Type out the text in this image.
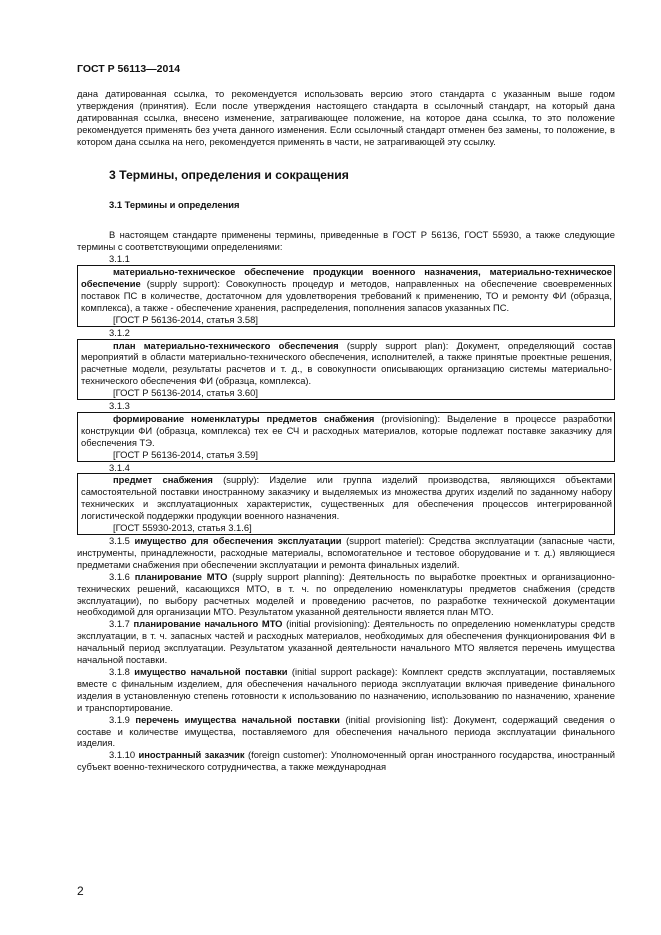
ГОСТ Р 56113—2014

дана датированная ссылка, то рекомендуется использовать версию этого стандарта с указанным выше годом утверждения (принятия). Если после утверждения настоящего стандарта в ссылочный стандарт, на который дана датированная ссылка, внесено изменение, затрагивающее положение, на которое дана ссылка, то это положение рекомендуется применять без учета данного изменения. Если ссылочный стандарт отменен без замены, то положение, в котором дана ссылка на него, рекомендуется применять в части, не затрагивающей эту ссылку.

3 Термины, определения и сокращения
3.1 Термины и определения

В настоящем стандарте применены термины, приведенные в ГОСТ Р 56136, ГОСТ 55930, а также следующие термины с соответствующими определениями:

3.1.1

материально-техническое обеспечение продукции военного назначения, материально-техническое обеспечение (supply support): Совокупность процедур и методов, направленных на обеспечение своевременных поставок ПС в количестве, достаточном для удовлетворения требований к применению, ТО и ремонту ФИ (образца, комплекса), а также - обеспечение хранения, распределения, пополнения запасов указанных ПС.

[ГОСТ Р 56136-2014, статья 3.58]
3.1.2

план материально-технического обеспечения (supply support plan): Документ, определяющий состав мероприятий в области материально-технического обеспечения, исполнителей, а также принятые проектные решения, расчетные модели, результаты расчетов и т. д., в совокупности описывающих организацию системы материально-технического обеспечения ФИ (образца, комплекса).

[ГОСТ Р 56136-2014, статья 3.60]
3.1.3

формирование номенклатуры предметов снабжения (provisioning): Выделение в процессе разработки конструкции ФИ (образца, комплекса) тех ее СЧ и расходных материалов, которые подлежат поставке заказчику для обеспечения ТЭ.

[ГОСТ Р 56136-2014, статья 3.59]
3.1.4

предмет снабжения (supply): Изделие или группа изделий производства, являющихся объектами самостоятельной поставки иностранному заказчику и выделяемых из множества других изделий по заданному набору технических и эксплуатационных характеристик, существенных для обеспечения процессов интегрированной логистической поддержки продукции военного назначения.

[ГОСТ 55930-2013, статья 3.1.6]

3.1.5 имущество для обеспечения эксплуатации (support materiel): Средства эксплуатации (запасные части, инструменты, принадлежности, расходные материалы, вспомогательное и тестовое оборудование и т. д.) являющиеся предметами снабжения при обеспечении эксплуатации и ремонта финальных изделий.

3.1.6 планирование МТО (supply support planning): Деятельность по выработке проектных и организационно-технических решений, касающихся МТО, в т. ч. по определению номенклатуры предметов снабжения (средств эксплуатации), по выбору расчетных моделей и проведению расчетов, по разработке технической документации необходимой для организации МТО. Результатом указанной деятельности является план МТО.

3.1.7 планирование начального МТО (initial provisioning): Деятельность по определению номенклатуры средств эксплуатации, в т. ч. запасных частей и расходных материалов, необходимых для обеспечения функционирования ФИ в начальный период эксплуатации. Результатом указанной деятельности начального МТО является перечень имущества начальной поставки.

3.1.8 имущество начальной поставки (initial support package): Комплект средств эксплуатации, поставляемых вместе с финальным изделием, для обеспечения начального периода эксплуатации включая приведение финального изделия в установленную степень готовности к использованию по назначению, использованию по назначению, хранение и транспортирование.

3.1.9 перечень имущества начальной поставки (initial provisioning list): Документ, содержащий сведения о составе и количестве имущества, поставляемого для обеспечения начального периода эксплуатации финального изделия.

3.1.10 иностранный заказчик (foreign customer): Уполномоченный орган иностранного государства, иностранный субъект военно-технического сотрудничества, а также международная

2
